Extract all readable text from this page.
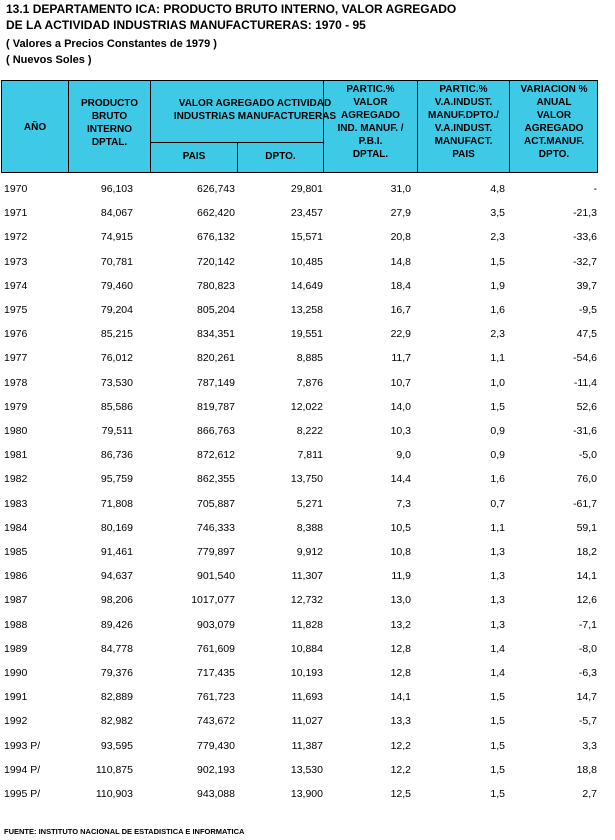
13.1 DEPARTAMENTO ICA: PRODUCTO BRUTO INTERNO, VALOR AGREGADO
DE LA ACTIVIDAD INDUSTRIAS MANUFACTURERAS: 1970 - 95
( Valores a Precios Constantes de 1979 )
( Nuevos Soles )
AÑO
PRODUCTO
BRUTO
INTERNO
DPTAL.
VALOR AGREGADO ACTIVIDAD
INDUSTRIAS MANUFACTURERAS
PAIS	DPTO.
PARTIC.%
VALOR
AGREGADO
IND. MANUF. /
P.B.I.
DPTAL.
PARTIC.%
V.A.INDUST.
MANUF.DPTO./
V.A.INDUST.
MANUFACT.
PAIS
VARIACION %
ANUAL
VALOR
AGREGADO
ACT.MANUF.
DPTO.
1970	96,103	626,743	29,801	31,0	4,8	-
1971	84,067	662,420	23,457	27,9	3,5	-21,3
1972	74,915	676,132	15,571	20,8	2,3	-33,6
1973	70,781	720,142	10,485	14,8	1,5	-32,7
1974	79,460	780,823	14,649	18,4	1,9	39,7
1975	79,204	805,204	13,258	16,7	1,6	-9,5
1976	85,215	834,351	19,551	22,9	2,3	47,5
1977	76,012	820,261	8,885	11,7	1,1	-54,6
1978	73,530	787,149	7,876	10,7	1,0	-11,4
1979	85,586	819,787	12,022	14,0	1,5	52,6
1980	79,511	866,763	8,222	10,3	0,9	-31,6
1981	86,736	872,612	7,811	9,0	0,9	-5,0
1982	95,759	862,355	13,750	14,4	1,6	76,0
1983	71,808	705,887	5,271	7,3	0,7	-61,7
1984	80,169	746,333	8,388	10,5	1,1	59,1
1985	91,461	779,897	9,912	10,8	1,3	18,2
1986	94,637	901,540	11,307	11,9	1,3	14,1
1987	98,206	1017,077	12,732	13,0	1,3	12,6
1988	89,426	903,079	11,828	13,2	1,3	-7,1
1989	84,778	761,609	10,884	12,8	1,4	-8,0
1990	79,376	717,435	10,193	12,8	1,4	-6,3
1991	82,889	761,723	11,693	14,1	1,5	14,7
1992	82,982	743,672	11,027	13,3	1,5	-5,7
1993 P/	93,595	779,430	11,387	12,2	1,5	3,3
1994 P/	110,875	902,193	13,530	12,2	1,5	18,8
1995 P/	110,903	943,088	13,900	12,5	1,5	2,7
FUENTE: INSTITUTO NACIONAL DE ESTADISTICA E INFORMATICA
